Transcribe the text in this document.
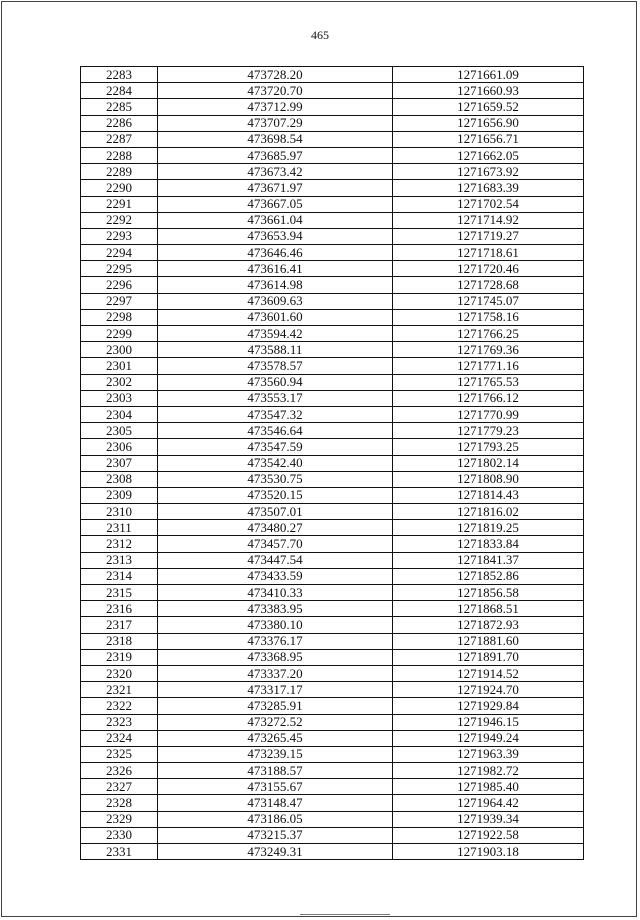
465
2283	473728.20	1271661.09
2284	473720.70	1271660.93
2285	473712.99	1271659.52
2286	473707.29	1271656.90
2287	473698.54	1271656.71
2288	473685.97	1271662.05
2289	473673.42	1271673.92
2290	473671.97	1271683.39
2291	473667.05	1271702.54
2292	473661.04	1271714.92
2293	473653.94	1271719.27
2294	473646.46	1271718.61
2295	473616.41	1271720.46
2296	473614.98	1271728.68
2297	473609.63	1271745.07
2298	473601.60	1271758.16
2299	473594.42	1271766.25
2300	473588.11	1271769.36
2301	473578.57	1271771.16
2302	473560.94	1271765.53
2303	473553.17	1271766.12
2304	473547.32	1271770.99
2305	473546.64	1271779.23
2306	473547.59	1271793.25
2307	473542.40	1271802.14
2308	473530.75	1271808.90
2309	473520.15	1271814.43
2310	473507.01	1271816.02
2311	473480.27	1271819.25
2312	473457.70	1271833.84
2313	473447.54	1271841.37
2314	473433.59	1271852.86
2315	473410.33	1271856.58
2316	473383.95	1271868.51
2317	473380.10	1271872.93
2318	473376.17	1271881.60
2319	473368.95	1271891.70
2320	473337.20	1271914.52
2321	473317.17	1271924.70
2322	473285.91	1271929.84
2323	473272.52	1271946.15
2324	473265.45	1271949.24
2325	473239.15	1271963.39
2326	473188.57	1271982.72
2327	473155.67	1271985.40
2328	473148.47	1271964.42
2329	473186.05	1271939.34
2330	473215.37	1271922.58
2331	473249.31	1271903.18
